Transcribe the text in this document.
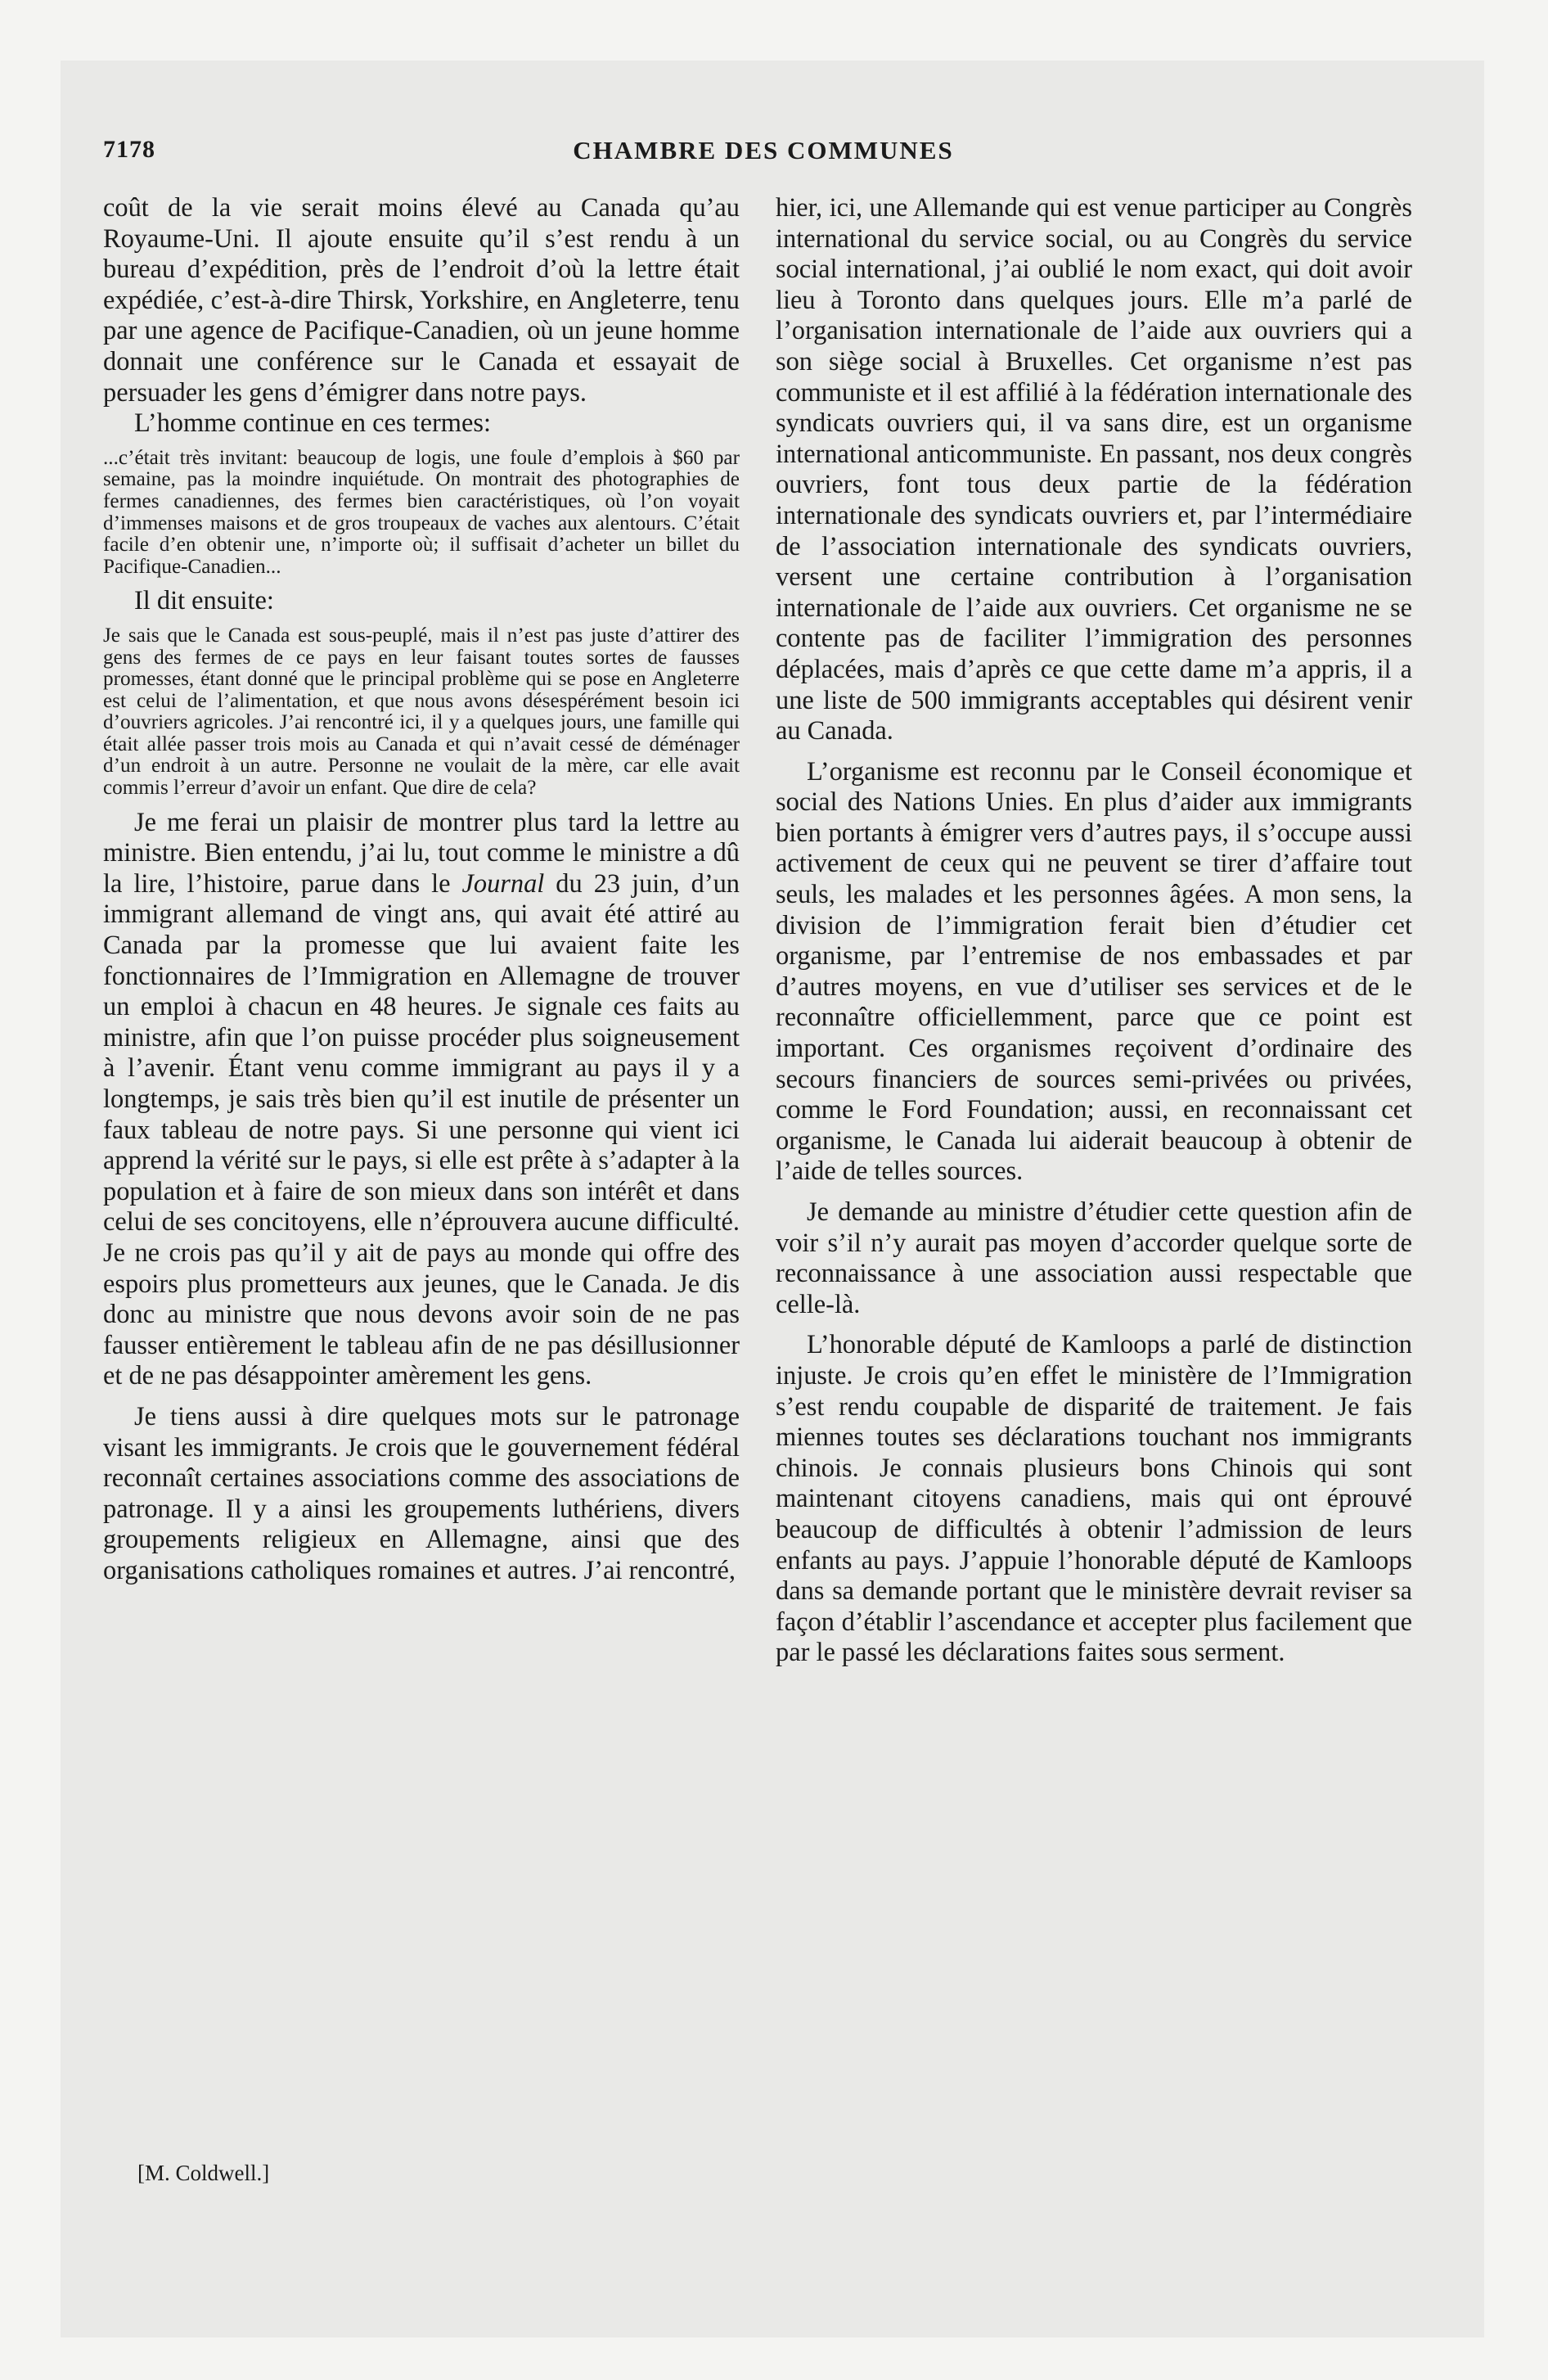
7178	CHAMBRE DES COMMUNES

coût de la vie serait moins élevé au Canada qu’au Royaume-Uni. Il ajoute ensuite qu’il s’est rendu à un bureau d’expédition, près de l’endroit d’où la lettre était expédiée, c’est-à-dire Thirsk, Yorkshire, en Angleterre, tenu par une agence de Pacifique-Canadien, où un jeune homme donnait une conférence sur le Canada et essayait de persuader les gens d’émigrer dans notre pays.

L’homme continue en ces termes:

...c’était très invitant: beaucoup de logis, une foule d’emplois à $60 par semaine, pas la moindre inquiétude. On montrait des photographies de fermes canadiennes, des fermes bien caractéristiques, où l’on voyait d’immenses maisons et de gros troupeaux de vaches aux alentours. C’était facile d’en obtenir une, n’importe où; il suffisait d’acheter un billet du Pacifique-Canadien...

Il dit ensuite:

Je sais que le Canada est sous-peuplé, mais il n’est pas juste d’attirer des gens des fermes de ce pays en leur faisant toutes sortes de fausses promesses, étant donné que le principal problème qui se pose en Angleterre est celui de l’alimentation, et que nous avons désespérément besoin ici d’ouvriers agricoles. J’ai rencontré ici, il y a quelques jours, une famille qui était allée passer trois mois au Canada et qui n’avait cessé de déménager d’un endroit à un autre. Personne ne voulait de la mère, car elle avait commis l’erreur d’avoir un enfant. Que dire de cela?

Je me ferai un plaisir de montrer plus tard la lettre au ministre. Bien entendu, j’ai lu, tout comme le ministre a dû la lire, l’histoire, parue dans le Journal du 23 juin, d’un immigrant allemand de vingt ans, qui avait été attiré au Canada par la promesse que lui avaient faite les fonctionnaires de l’Immigration en Allemagne de trouver un emploi à chacun en 48 heures. Je signale ces faits au ministre, afin que l’on puisse procéder plus soigneusement à l’avenir. Étant venu comme immigrant au pays il y a longtemps, je sais très bien qu’il est inutile de présenter un faux tableau de notre pays. Si une personne qui vient ici apprend la vérité sur le pays, si elle est prête à s’adapter à la population et à faire de son mieux dans son intérêt et dans celui de ses concitoyens, elle n’éprouvera aucune difficulté. Je ne crois pas qu’il y ait de pays au monde qui offre des espoirs plus prometteurs aux jeunes, que le Canada. Je dis donc au ministre que nous devons avoir soin de ne pas fausser entièrement le tableau afin de ne pas désillusionner et de ne pas désappointer amèrement les gens.

Je tiens aussi à dire quelques mots sur le patronage visant les immigrants. Je crois que le gouvernement fédéral reconnaît certaines associations comme des associations de patronage. Il y a ainsi les groupements luthériens, divers groupements religieux en Allemagne, ainsi que des organisations catholiques romaines et autres. J’ai rencontré,

[M. Coldwell.]

hier, ici, une Allemande qui est venue participer au Congrès international du service social, ou au Congrès du service social international, j’ai oublié le nom exact, qui doit avoir lieu à Toronto dans quelques jours. Elle m’a parlé de l’organisation internationale de l’aide aux ouvriers qui a son siège social à Bruxelles. Cet organisme n’est pas communiste et il est affilié à la fédération internationale des syndicats ouvriers qui, il va sans dire, est un organisme international anticommuniste. En passant, nos deux congrès ouvriers, font tous deux partie de la fédération internationale des syndicats ouvriers et, par l’intermédiaire de l’association internationale des syndicats ouvriers, versent une certaine contribution à l’organisation internationale de l’aide aux ouvriers. Cet organisme ne se contente pas de faciliter l’immigration des personnes déplacées, mais d’après ce que cette dame m’a appris, il a une liste de 500 immigrants acceptables qui désirent venir au Canada.

L’organisme est reconnu par le Conseil économique et social des Nations Unies. En plus d’aider aux immigrants bien portants à émigrer vers d’autres pays, il s’occupe aussi activement de ceux qui ne peuvent se tirer d’affaire tout seuls, les malades et les personnes âgées. A mon sens, la division de l’immigration ferait bien d’étudier cet organisme, par l’entremise de nos embassades et par d’autres moyens, en vue d’utiliser ses services et de le reconnaître officiellemment, parce que ce point est important. Ces organismes reçoivent d’ordinaire des secours financiers de sources semi-privées ou privées, comme le Ford Foundation; aussi, en reconnaissant cet organisme, le Canada lui aiderait beaucoup à obtenir de l’aide de telles sources.

Je demande au ministre d’étudier cette question afin de voir s’il n’y aurait pas moyen d’accorder quelque sorte de reconnaissance à une association aussi respectable que celle-là.

L’honorable député de Kamloops a parlé de distinction injuste. Je crois qu’en effet le ministère de l’Immigration s’est rendu coupable de disparité de traitement. Je fais miennes toutes ses déclarations touchant nos immigrants chinois. Je connais plusieurs bons Chinois qui sont maintenant citoyens canadiens, mais qui ont éprouvé beaucoup de difficultés à obtenir l’admission de leurs enfants au pays. J’appuie l’honorable député de Kamloops dans sa demande portant que le ministère devrait reviser sa façon d’établir l’ascendance et accepter plus facilement que par le passé les déclarations faites sous serment.
